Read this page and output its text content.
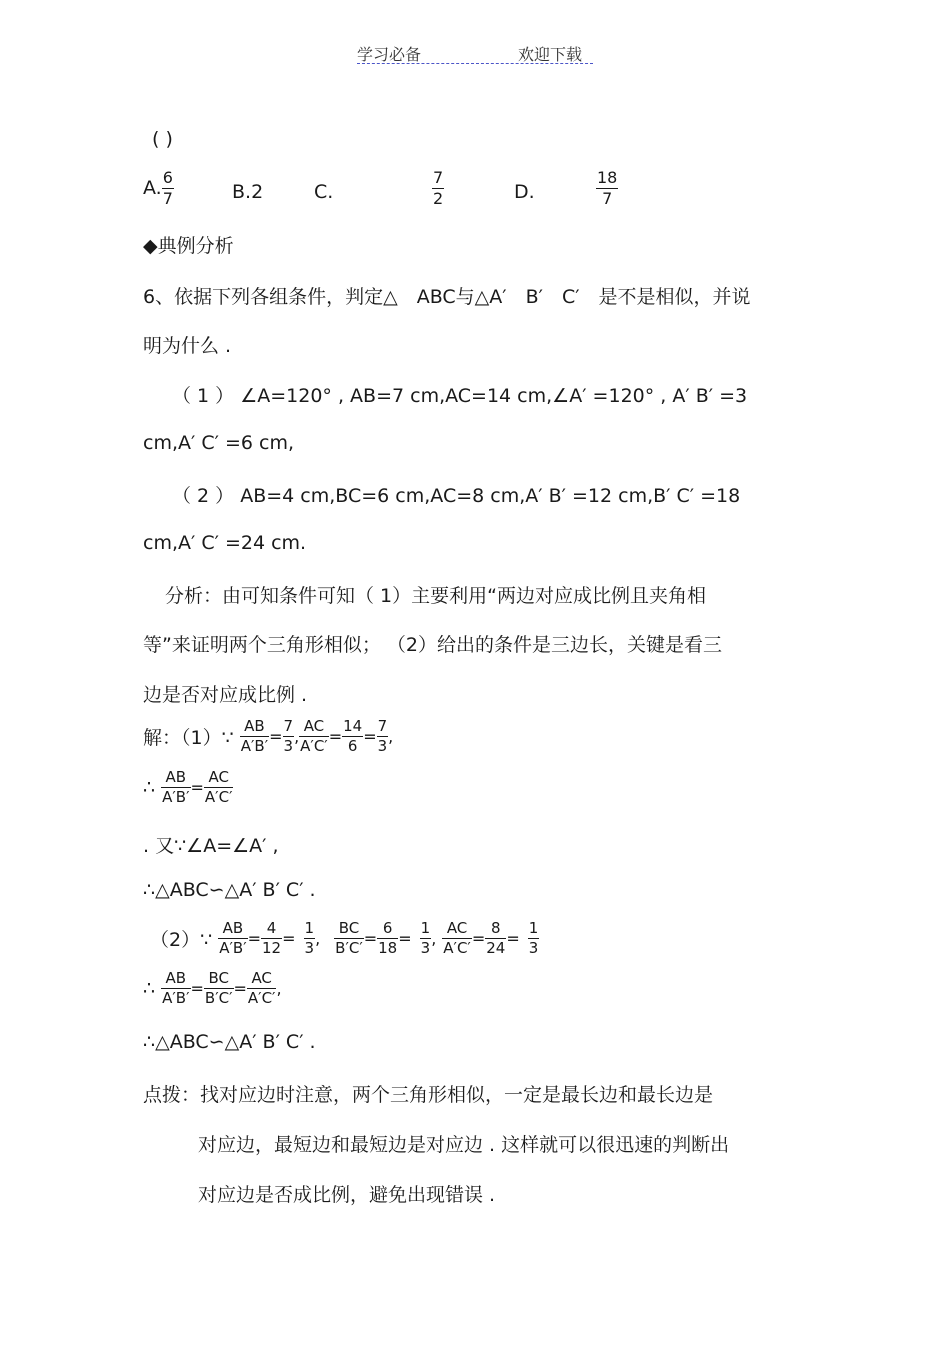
学习必备	欢迎下载
( )
A. $\frac{6}{7}$	B.2	C.	$\frac{7}{2}$	D.	$\frac{18}{7}$
◆典例分析
6、依据下列各组条件，判定△　ABC与△A′　B′　C′　是不是相似，并说
明为什么 .
（ 1 ） ∠A=120° , AB=7 cm,AC=14 cm,∠A′ =120° , A′ B′ =3
cm,A′ C′ =6 cm,
（ 2 ） AB=4 cm,BC=6 cm,AC=8 cm,A′ B′ =12 cm,B′ C′ =18
cm,A′ C′ =24 cm.
分析：由可知条件可知（ 1）主要利用“两边对应成比例且夹角相
等”来证明两个三角形相似； （2）给出的条件是三边长，关键是看三
边是否对应成比例 .
解：（1）∵ $\frac{AB}{A'B'} = \frac{7}{3}$ , $\frac{AC}{A'C'} = \frac{14}{6} = \frac{7}{3}$ ,
∴ $\frac{AB}{A'B'} = \frac{AC}{A'C'}$
. 又∵∠A=∠A′ ,
∴△ABC∽△A′ B′ C′ .
（2）∵ $\frac{AB}{A'B'} = \frac{4}{12} = \frac{1}{3}$ , $\frac{BC}{B'C'} = \frac{6}{18} = \frac{1}{3}$ , $\frac{AC}{A'C'} = \frac{8}{24} = \frac{1}{3}$
∴ $\frac{AB}{A'B'} = \frac{BC}{B'C'} = \frac{AC}{A'C'}$ ,
∴△ABC∽△A′ B′ C′ .
点拨：找对应边时注意，两个三角形相似，一定是最长边和最长边是
对应边，最短边和最短边是对应边 . 这样就可以很迅速的判断出
对应边是否成比例，避免出现错误 .
